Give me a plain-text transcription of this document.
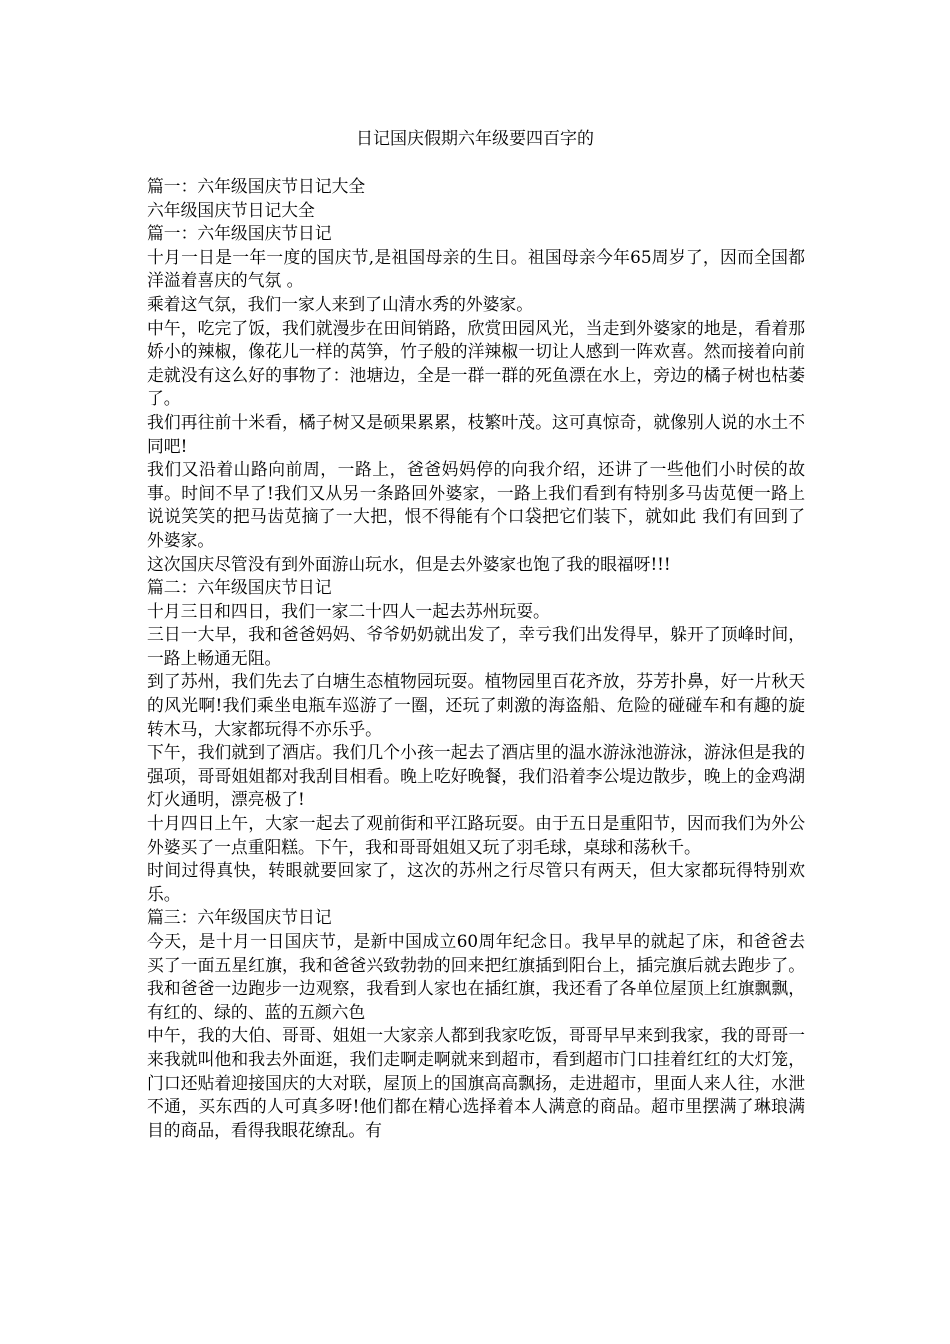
日记国庆假期六年级要四百字的

篇一：六年级国庆节日记大全

六年级国庆节日记大全

篇一：六年级国庆节日记

十月一日是一年一度的国庆节,是祖国母亲的生日。祖国母亲今年65周岁了，因而全国都洋溢着喜庆的气氛 。

乘着这气氛，我们一家人来到了山清水秀的外婆家。

中午，吃完了饭，我们就漫步在田间销路，欣赏田园风光，当走到外婆家的地是，看着那娇小的辣椒，像花儿一样的莴笋，竹子般的洋辣椒一切让人感到一阵欢喜。然而接着向前走就没有这么好的事物了：池塘边，全是一群一群的死鱼漂在水上，旁边的橘子树也枯萎了。

我们再往前十米看，橘子树又是硕果累累，枝繁叶茂。这可真惊奇，就像别人说的水土不同吧!

我们又沿着山路向前周，一路上，爸爸妈妈停的向我介绍，还讲了一些他们小时侯的故事。时间不早了!我们又从另一条路回外婆家，一路上我们看到有特别多马齿苋便一路上说说笑笑的把马齿苋摘了一大把，恨不得能有个口袋把它们装下，就如此 我们有回到了外婆家。

这次国庆尽管没有到外面游山玩水，但是去外婆家也饱了我的眼福呀!!!

篇二：六年级国庆节日记

十月三日和四日，我们一家二十四人一起去苏州玩耍。

三日一大早，我和爸爸妈妈、爷爷奶奶就出发了，幸亏我们出发得早，躲开了顶峰时间，一路上畅通无阻。

到了苏州，我们先去了白塘生态植物园玩耍。植物园里百花齐放，芬芳扑鼻，好一片秋天的风光啊!我们乘坐电瓶车巡游了一圈，还玩了刺激的海盗船、危险的碰碰车和有趣的旋转木马，大家都玩得不亦乐乎。

下午，我们就到了酒店。我们几个小孩一起去了酒店里的温水游泳池游泳，游泳但是我的强项，哥哥姐姐都对我刮目相看。晚上吃好晚餐，我们沿着李公堤边散步，晚上的金鸡湖灯火通明，漂亮极了!

十月四日上午，大家一起去了观前街和平江路玩耍。由于五日是重阳节，因而我们为外公外婆买了一点重阳糕。下午，我和哥哥姐姐又玩了羽毛球，桌球和荡秋千。

时间过得真快，转眼就要回家了，这次的苏州之行尽管只有两天，但大家都玩得特别欢乐。

篇三：六年级国庆节日记

今天，是十月一日国庆节，是新中国成立60周年纪念日。我早早的就起了床，和爸爸去买了一面五星红旗，我和爸爸兴致勃勃的回来把红旗插到阳台上，插完旗后就去跑步了。我和爸爸一边跑步一边观察，我看到人家也在插红旗，我还看了各单位屋顶上红旗飘飘，有红的、绿的、蓝的五颜六色

中午，我的大伯、哥哥、姐姐一大家亲人都到我家吃饭，哥哥早早来到我家，我的哥哥一来我就叫他和我去外面逛，我们走啊走啊就来到超市，看到超市门口挂着红红的大灯笼，门口还贴着迎接国庆的大对联，屋顶上的国旗高高飘扬，走进超市，里面人来人往，水泄不通，买东西的人可真多呀!他们都在精心选择着本人满意的商品。超市里摆满了琳琅满目的商品，看得我眼花缭乱。有
